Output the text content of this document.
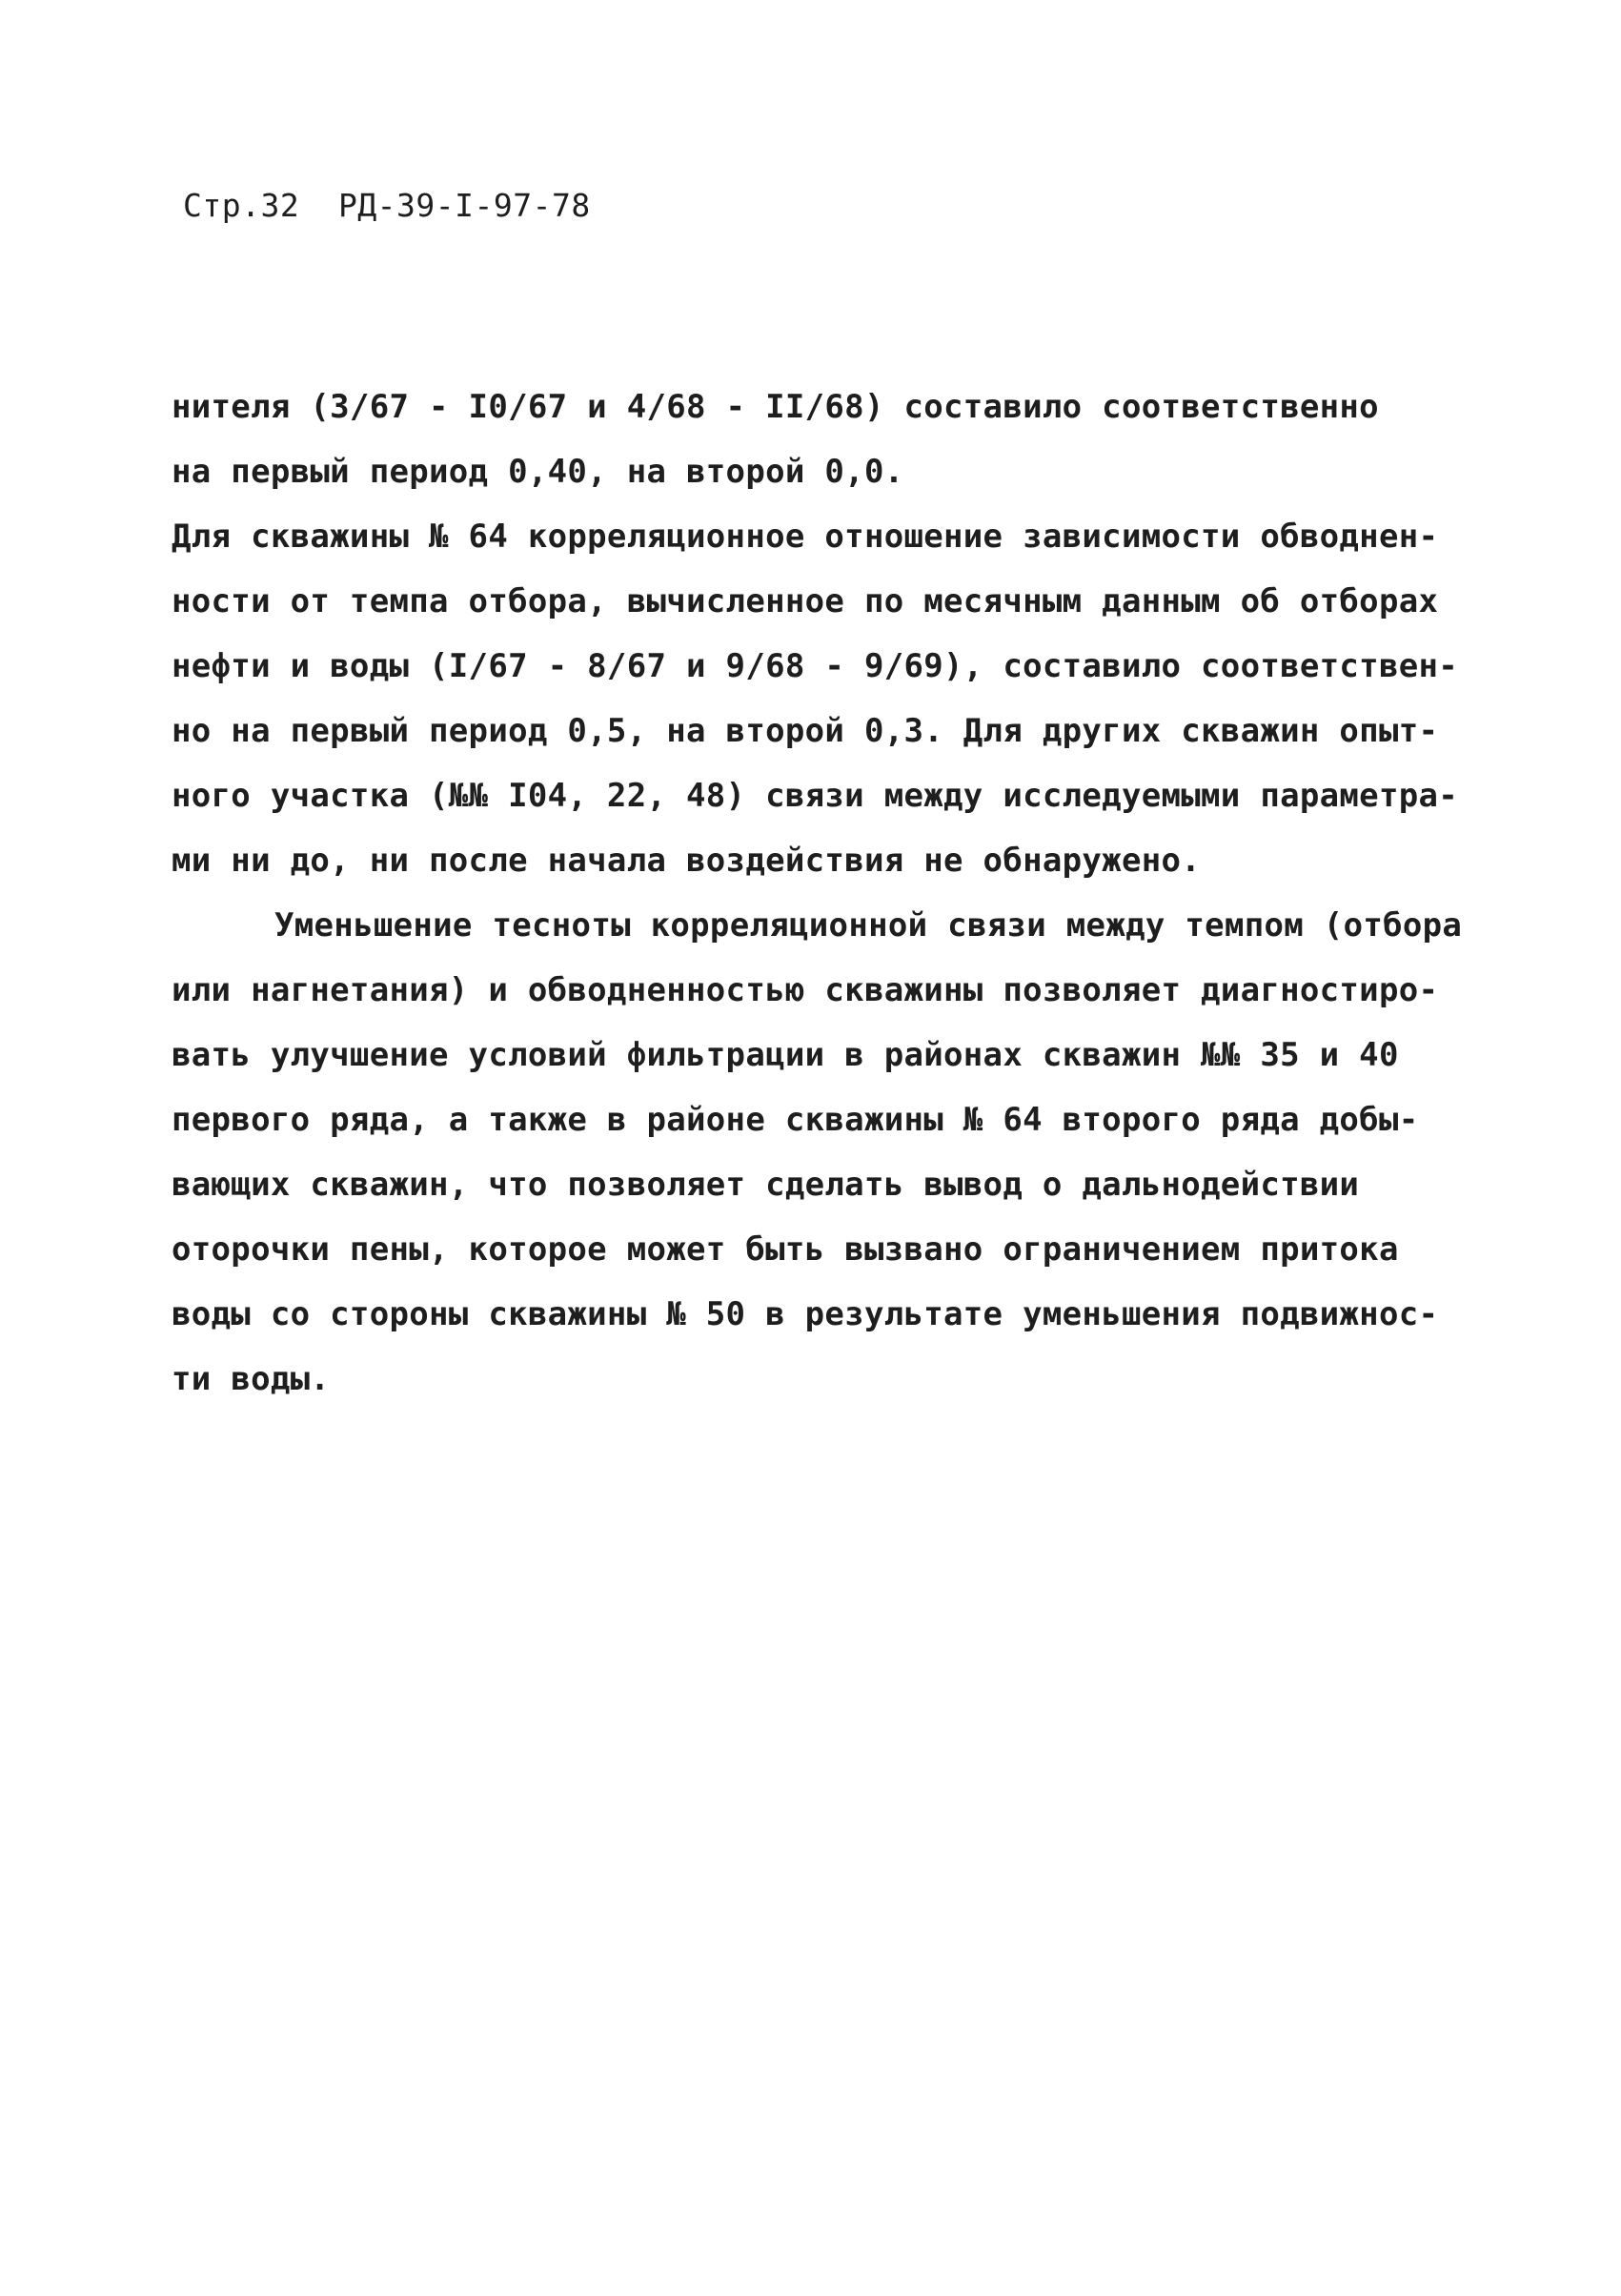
Стр.32  РД-39-I-97-78
нителя (3/67 - I0/67 и 4/68 - II/68) составило соответственно
на первый период 0,40, на второй 0,0.
Для скважины № 64 корреляционное отношение зависимости обводнен-
ности от темпа отбора, вычисленное по месячным данным об отборах
нефти и воды (I/67 - 8/67 и 9/68 - 9/69), составило соответствен-
но на первый период 0,5, на второй 0,3. Для других скважин опыт-
ного участка (№№ I04, 22, 48) связи между исследуемыми параметра-
ми ни до, ни после начала воздействия не обнаружено.
Уменьшение тесноты корреляционной связи между темпом (отбора
или нагнетания) и обводненностью скважины позволяет диагностиро-
вать улучшение условий фильтрации в районах скважин №№ 35 и 40
первого ряда, а также в районе скважины № 64 второго ряда добы-
вающих скважин, что позволяет сделать вывод о дальнодействии
оторочки пены, которое может быть вызвано ограничением притока
воды со стороны скважины № 50 в результате уменьшения подвижнос-
ти воды.
